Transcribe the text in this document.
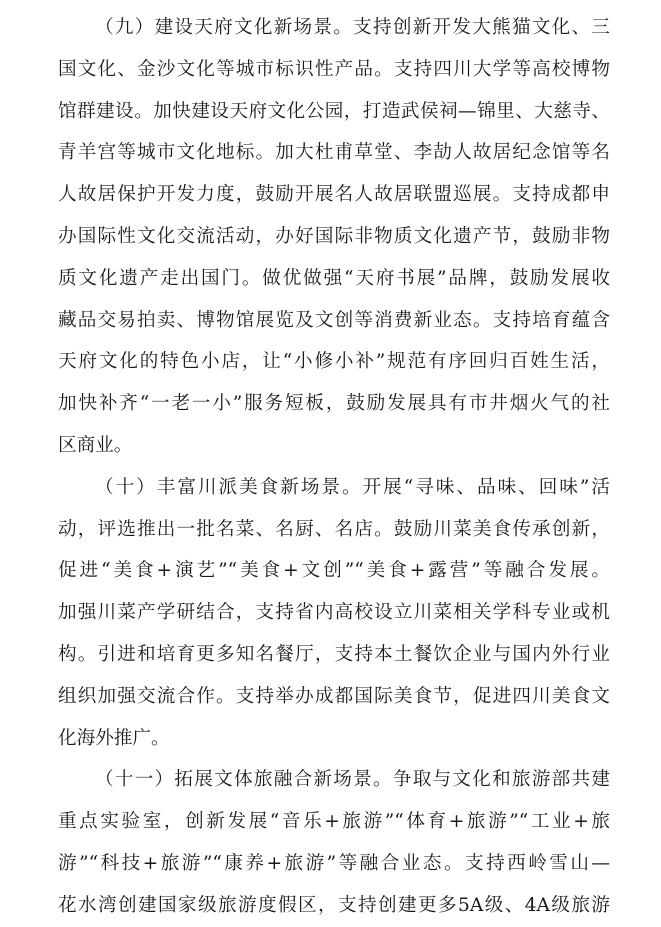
（九）建设天府文化新场景。支持创新开发大熊猫文化、三
国文化、金沙文化等城市标识性产品。支持四川大学等高校博物
馆群建设。加快建设天府文化公园，打造武侯祠—锦里、大慈寺、
青羊宫等城市文化地标。加大杜甫草堂、李劼人故居纪念馆等名
人故居保护开发力度，鼓励开展名人故居联盟巡展。支持成都申
办国际性文化交流活动，办好国际非物质文化遗产节，鼓励非物
质文化遗产走出国门。做优做强“天府书展”品牌，鼓励发展收
藏品交易拍卖、博物馆展览及文创等消费新业态。支持培育蕴含
天府文化的特色小店，让“小修小补”规范有序回归百姓生活，
加快补齐“一老一小”服务短板，鼓励发展具有市井烟火气的社
区商业。
（十）丰富川派美食新场景。开展“寻味、品味、回味”活
动，评选推出一批名菜、名厨、名店。鼓励川菜美食传承创新，
促进“美食+演艺”“美食+文创”“美食+露营”等融合发展。
加强川菜产学研结合，支持省内高校设立川菜相关学科专业或机
构。引进和培育更多知名餐厅，支持本土餐饮企业与国内外行业
组织加强交流合作。支持举办成都国际美食节，促进四川美食文
化海外推广。
（十一）拓展文体旅融合新场景。争取与文化和旅游部共建
重点实验室，创新发展“音乐+旅游”“体育+旅游”“工业+旅
游”“科技+旅游”“康养+旅游”等融合业态。支持西岭雪山—
花水湾创建国家级旅游度假区，支持创建更多5A级、4A级旅游
